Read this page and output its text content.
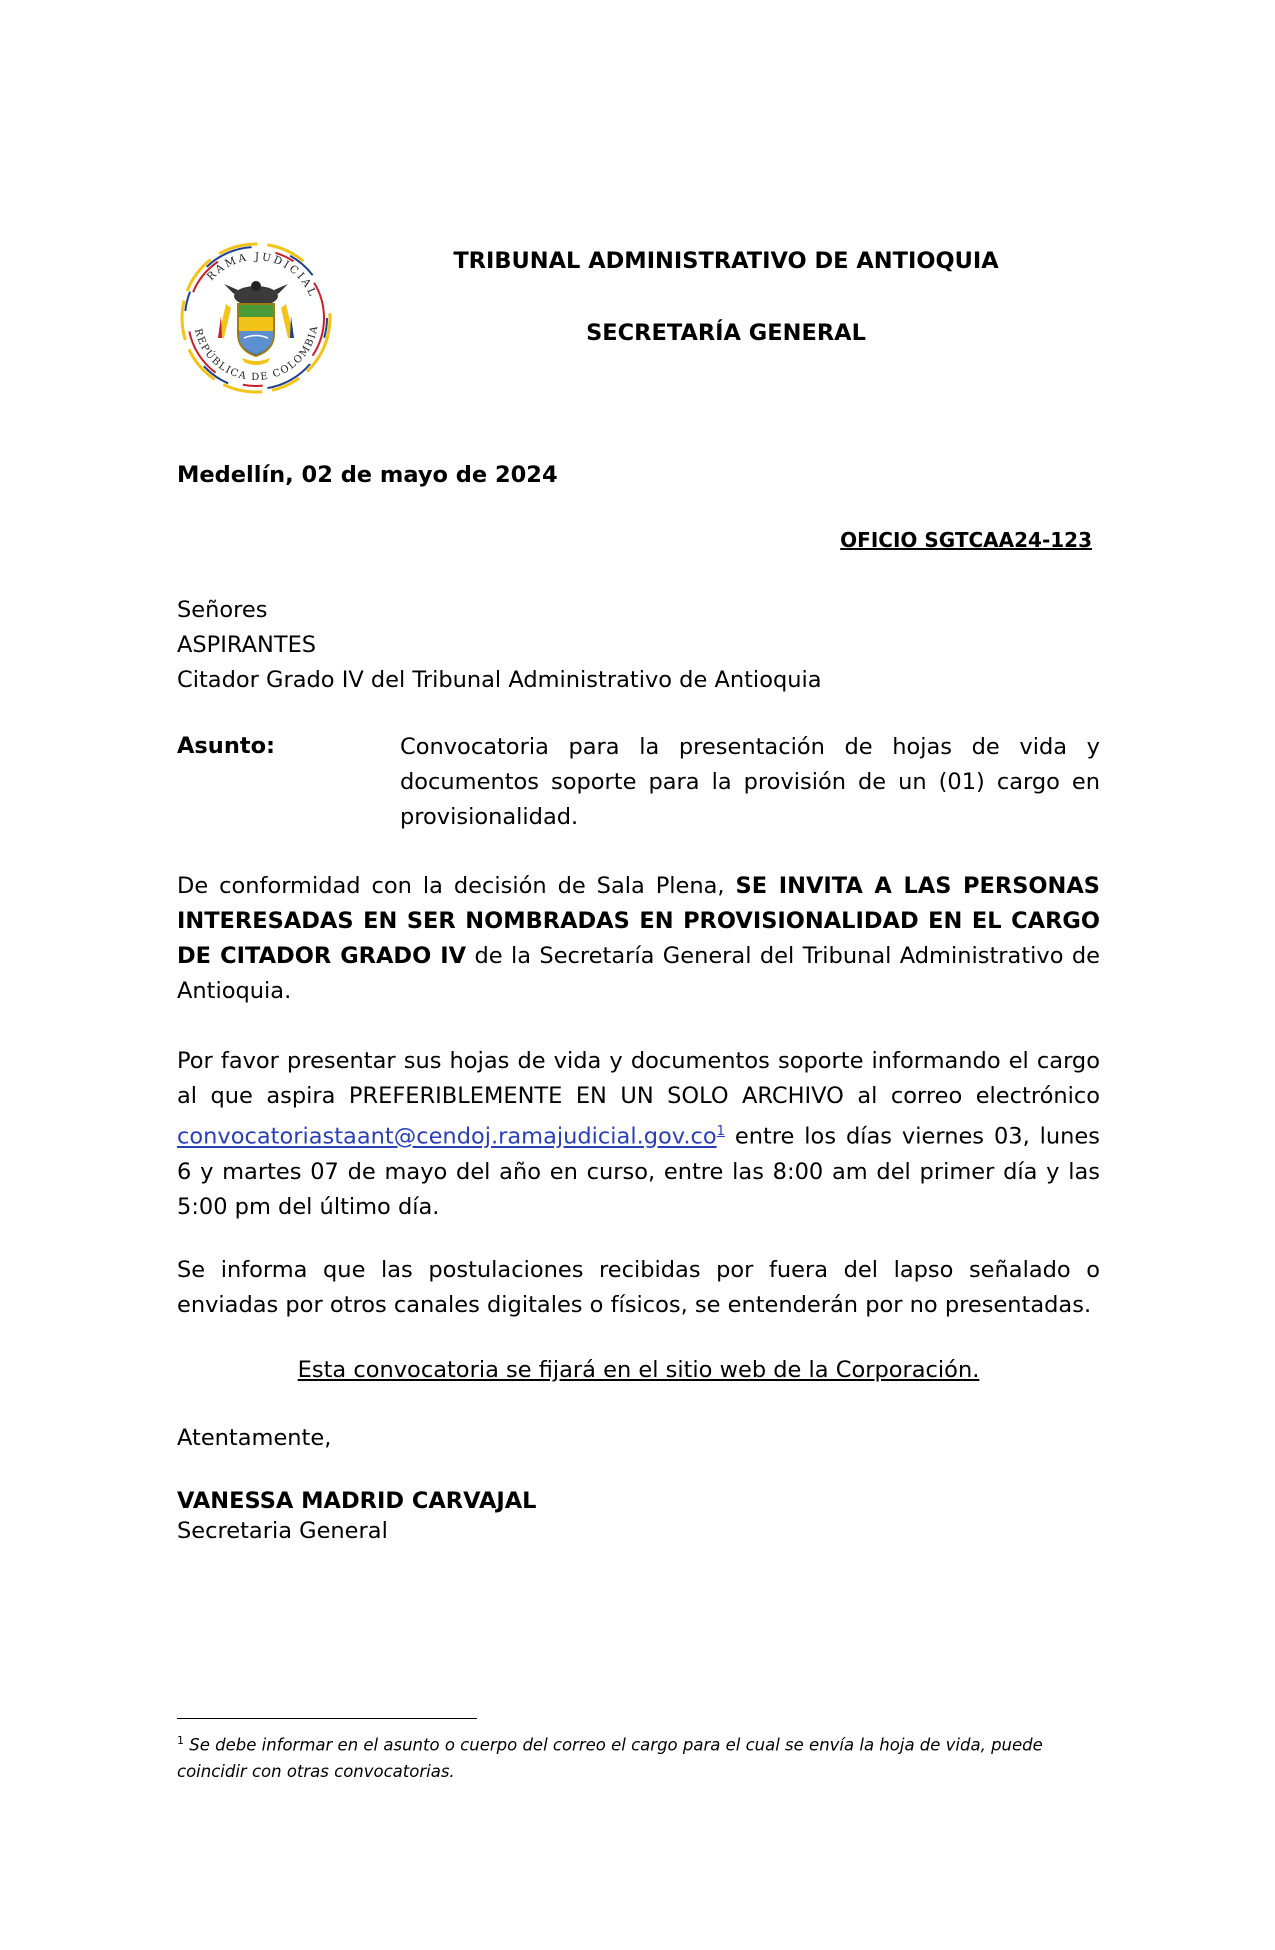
RAMA JUDICIAL
REPÚBLICA DE COLOMBIA
TRIBUNAL ADMINISTRATIVO DE ANTIOQUIA
SECRETARÍA GENERAL
Medellín, 02 de mayo de 2024
OFICIO SGTCAA24-123
Señores
ASPIRANTES
Citador Grado IV del Tribunal Administrativo de Antioquia
Asunto:	Convocatoria para la presentación de hojas de vida y documentos soporte para la provisión de un (01) cargo en provisionalidad.
De conformidad con la decisión de Sala Plena, SE INVITA A LAS PERSONAS INTERESADAS EN SER NOMBRADAS EN PROVISIONALIDAD EN EL CARGO DE CITADOR GRADO IV de la Secretaría General del Tribunal Administrativo de Antioquia.
Por favor presentar sus hojas de vida y documentos soporte informando el cargo al que aspira PREFERIBLEMENTE EN UN SOLO ARCHIVO al correo electrónico convocatoriastaant@cendoj.ramajudicial.gov.co$^1$ entre los días viernes 03, lunes 6 y martes 07 de mayo del año en curso, entre las 8:00 am del primer día y las 5:00 pm del último día.
Se informa que las postulaciones recibidas por fuera del lapso señalado o enviadas por otros canales digitales o físicos, se entenderán por no presentadas.
Esta convocatoria se fijará en el sitio web de la Corporación.
Atentamente,
VANESSA MADRID CARVAJAL
Secretaria General
$^1$ Se debe informar en el asunto o cuerpo del correo el cargo para el cual se envía la hoja de vida, puede coincidir con otras convocatorias.
